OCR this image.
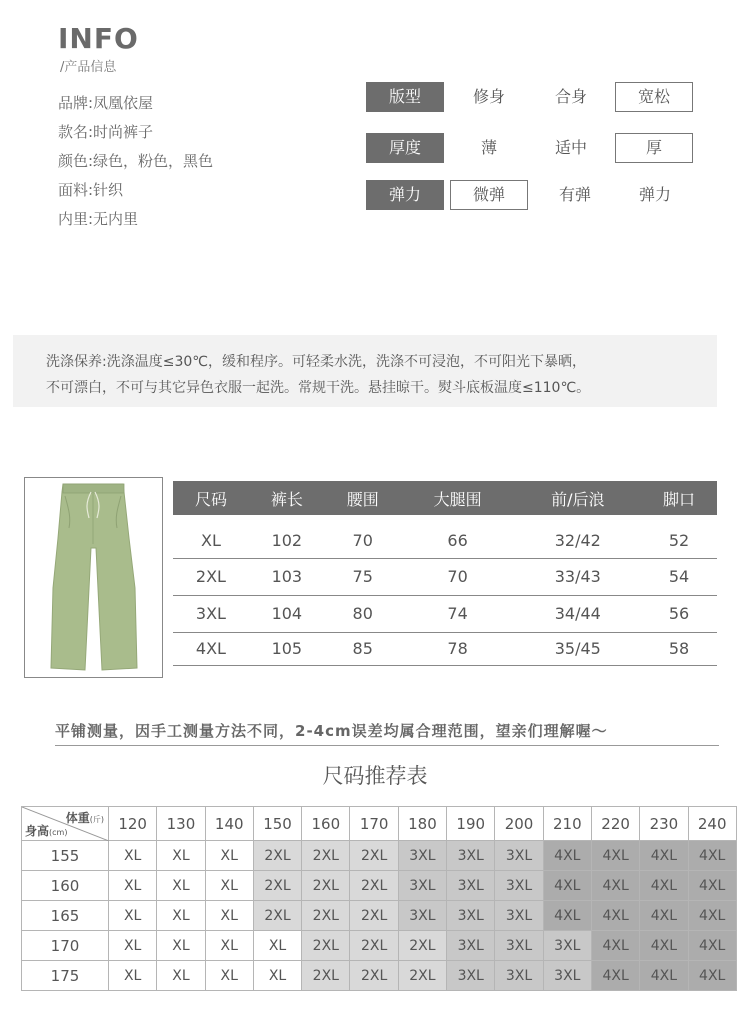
INFO
/产品信息
品牌:凤凰依屋
款名:时尚裤子
颜色:绿色，粉色，黑色
面料:针织
内里:无内里
版型	修身	合身	宽松
厚度	薄	适中	厚
弹力	微弹	有弹	弹力
洗涤保养:洗涤温度≤30℃，缓和程序。可轻柔水洗，洗涤不可浸泡，不可阳光下暴晒，
不可漂白，不可与其它异色衣服一起洗。常规干洗。悬挂晾干。熨斗底板温度≤110℃。
尺码	裤长	腰围	大腿围	前/后浪	脚口
XL	102	70	66	32/42	52
2XL	103	75	70	33/43	54
3XL	104	80	74	34/44	56
4XL	105	85	78	35/45	58
平铺测量，因手工测量方法不同，2-4cm误差均属合理范围，望亲们理解喔～
尺码推荐表
体重(斤)
身高(cm)	120	130	140	150	160	170	180	190	200	210	220	230	240
155	XL	XL	XL	2XL	2XL	2XL	3XL	3XL	3XL	4XL	4XL	4XL	4XL
160	XL	XL	XL	2XL	2XL	2XL	3XL	3XL	3XL	4XL	4XL	4XL	4XL
165	XL	XL	XL	2XL	2XL	2XL	3XL	3XL	3XL	4XL	4XL	4XL	4XL
170	XL	XL	XL	XL	2XL	2XL	2XL	3XL	3XL	3XL	4XL	4XL	4XL
175	XL	XL	XL	XL	2XL	2XL	2XL	3XL	3XL	3XL	4XL	4XL	4XL
